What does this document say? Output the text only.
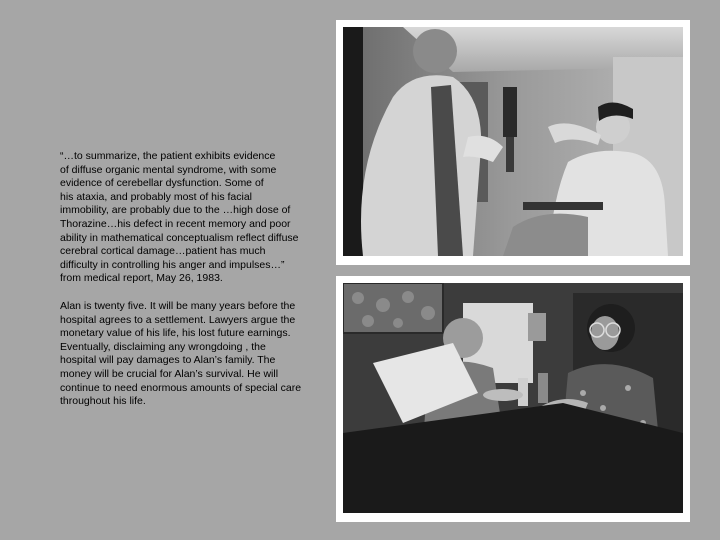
“…to summarize, the patient exhibits evidence
of diffuse organic mental syndrome, with some
evidence of cerebellar dysfunction. Some of
his ataxia, and probably most of his facial
immobility, are probably due to the …high dose of
Thorazine…his defect in recent memory and poor
ability in mathematical conceptualism reflect diffuse
cerebral cortical damage…patient has much
difficulty in controlling his anger and impulses…”

from medical report, May 26, 1983.

Alan is twenty five. It will be many years before the
hospital agrees to a settlement. Lawyers argue the
monetary value of his life, his lost future earnings.
Eventually, disclaiming any wrongdoing , the
hospital will pay damages to Alan’s family. The
money will be crucial for Alan’s survival. He will
continue to need enormous amounts of special care
throughout his life.
